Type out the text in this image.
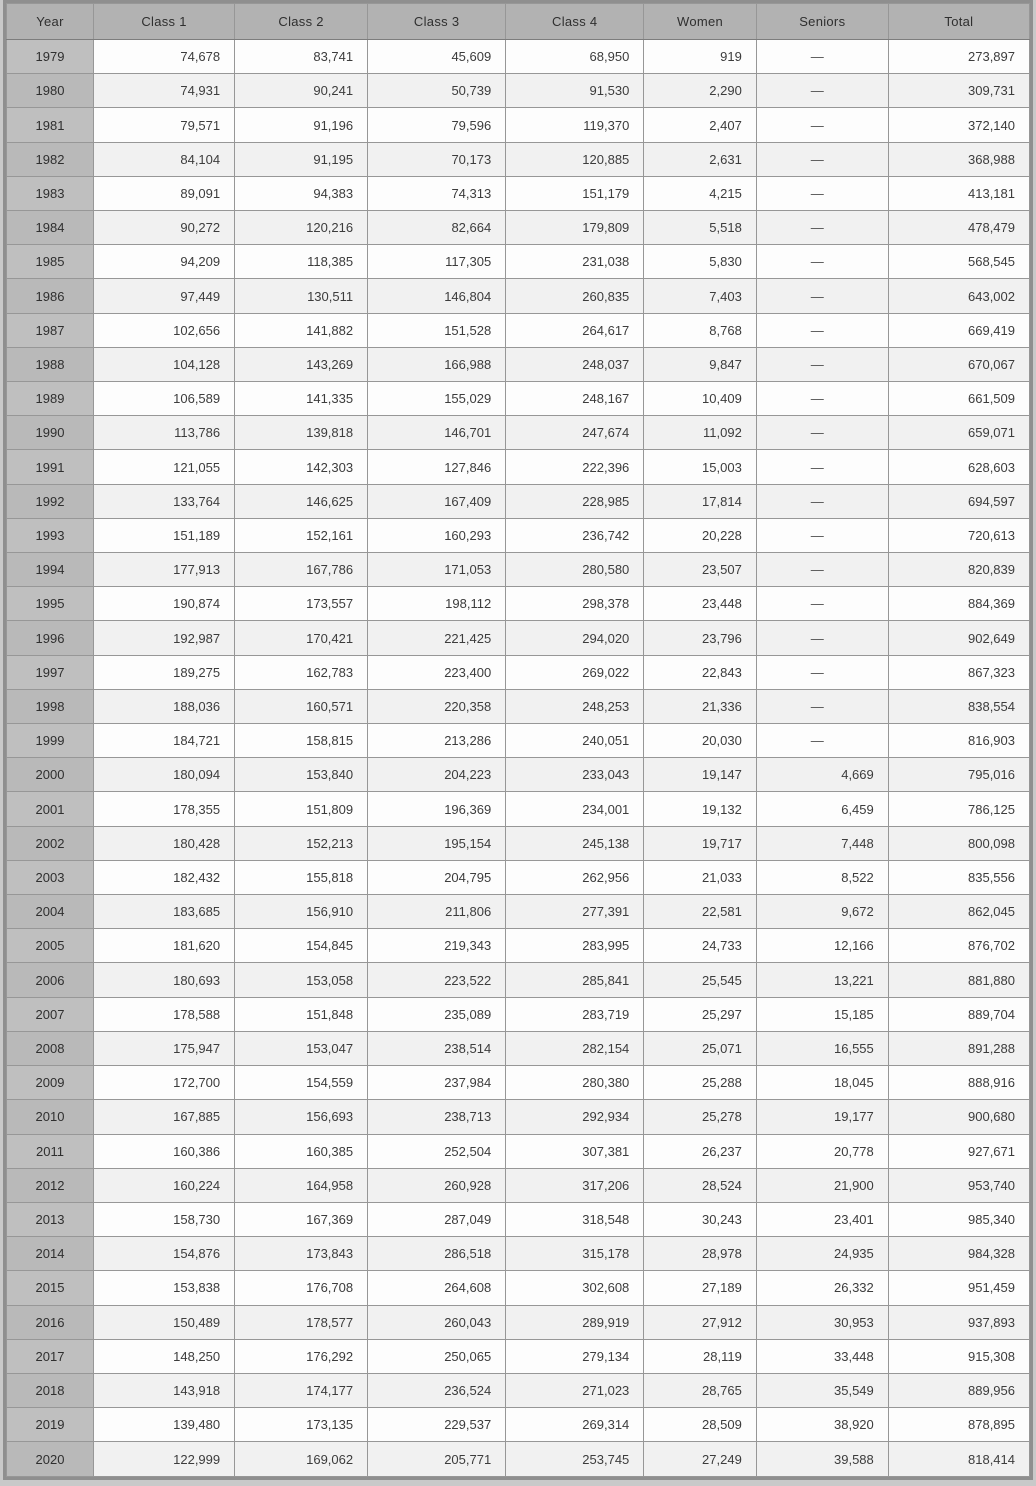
Year	Class 1	Class 2	Class 3	Class 4	Women	Seniors	Total
1979	74,678	83,741	45,609	68,950	919	—	273,897
1980	74,931	90,241	50,739	91,530	2,290	—	309,731
1981	79,571	91,196	79,596	119,370	2,407	—	372,140
1982	84,104	91,195	70,173	120,885	2,631	—	368,988
1983	89,091	94,383	74,313	151,179	4,215	—	413,181
1984	90,272	120,216	82,664	179,809	5,518	—	478,479
1985	94,209	118,385	117,305	231,038	5,830	—	568,545
1986	97,449	130,511	146,804	260,835	7,403	—	643,002
1987	102,656	141,882	151,528	264,617	8,768	—	669,419
1988	104,128	143,269	166,988	248,037	9,847	—	670,067
1989	106,589	141,335	155,029	248,167	10,409	—	661,509
1990	113,786	139,818	146,701	247,674	11,092	—	659,071
1991	121,055	142,303	127,846	222,396	15,003	—	628,603
1992	133,764	146,625	167,409	228,985	17,814	—	694,597
1993	151,189	152,161	160,293	236,742	20,228	—	720,613
1994	177,913	167,786	171,053	280,580	23,507	—	820,839
1995	190,874	173,557	198,112	298,378	23,448	—	884,369
1996	192,987	170,421	221,425	294,020	23,796	—	902,649
1997	189,275	162,783	223,400	269,022	22,843	—	867,323
1998	188,036	160,571	220,358	248,253	21,336	—	838,554
1999	184,721	158,815	213,286	240,051	20,030	—	816,903
2000	180,094	153,840	204,223	233,043	19,147	4,669	795,016
2001	178,355	151,809	196,369	234,001	19,132	6,459	786,125
2002	180,428	152,213	195,154	245,138	19,717	7,448	800,098
2003	182,432	155,818	204,795	262,956	21,033	8,522	835,556
2004	183,685	156,910	211,806	277,391	22,581	9,672	862,045
2005	181,620	154,845	219,343	283,995	24,733	12,166	876,702
2006	180,693	153,058	223,522	285,841	25,545	13,221	881,880
2007	178,588	151,848	235,089	283,719	25,297	15,185	889,704
2008	175,947	153,047	238,514	282,154	25,071	16,555	891,288
2009	172,700	154,559	237,984	280,380	25,288	18,045	888,916
2010	167,885	156,693	238,713	292,934	25,278	19,177	900,680
2011	160,386	160,385	252,504	307,381	26,237	20,778	927,671
2012	160,224	164,958	260,928	317,206	28,524	21,900	953,740
2013	158,730	167,369	287,049	318,548	30,243	23,401	985,340
2014	154,876	173,843	286,518	315,178	28,978	24,935	984,328
2015	153,838	176,708	264,608	302,608	27,189	26,332	951,459
2016	150,489	178,577	260,043	289,919	27,912	30,953	937,893
2017	148,250	176,292	250,065	279,134	28,119	33,448	915,308
2018	143,918	174,177	236,524	271,023	28,765	35,549	889,956
2019	139,480	173,135	229,537	269,314	28,509	38,920	878,895
2020	122,999	169,062	205,771	253,745	27,249	39,588	818,414
